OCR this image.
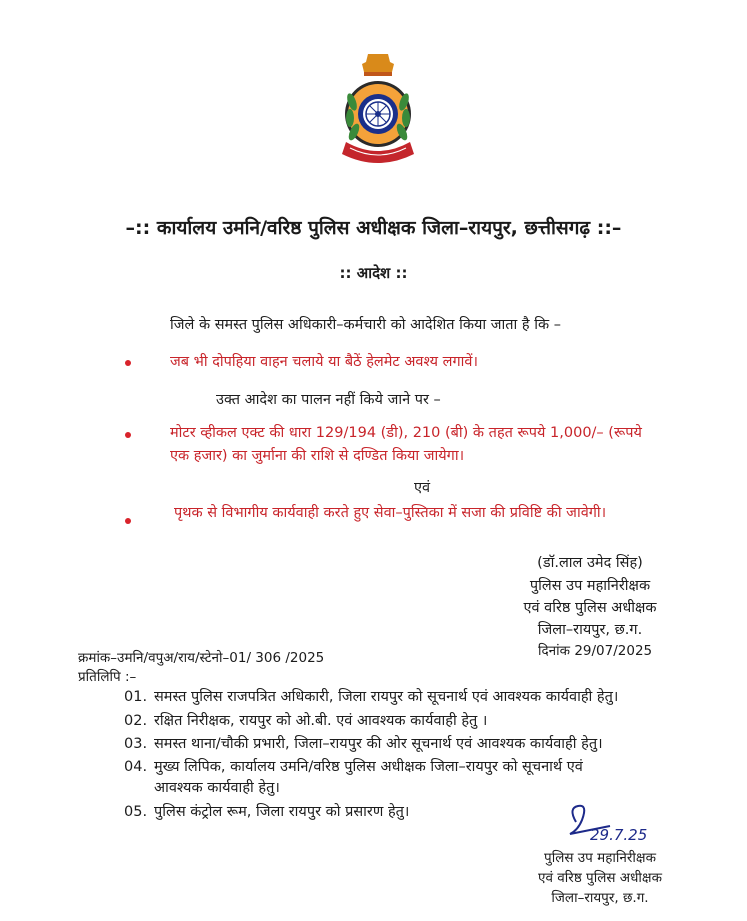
–:: कार्यालय उमनि/वरिष्ठ पुलिस अधीक्षक जिला–रायपुर, छत्तीसगढ़ ::–
:: आदेश ::
जिले के समस्त पुलिस अधिकारी–कर्मचारी को आदेशित किया जाता है कि –
जब भी दोपहिया वाहन चलाये या बैठें हेलमेट अवश्य लगावें।
उक्त आदेश का पालन नहीं किये जाने पर –
मोटर व्हीकल एक्ट की धारा 129/194 (डी), 210 (बी) के तहत रूपये 1,000/– (रूपये
एक हजार) का जुर्माना की राशि से दण्डित किया जायेगा।
एवं
पृथक से विभागीय कार्यवाही करते हुए सेवा–पुस्तिका में सजा की प्रविष्टि की जावेगी।
(डॉ.लाल उमेद सिंह)
पुलिस उप महानिरीक्षक
एवं वरिष्ठ पुलिस अधीक्षक
जिला–रायपुर, छ.ग.
क्रमांक–उमनि/वपुअ/राय/स्टेनो–01/ 306 /2025	दिनांक 29/07/2025
प्रतिलिपि :–
01. समस्त पुलिस राजपत्रित अधिकारी, जिला रायपुर को सूचनार्थ एवं आवश्यक कार्यवाही हेतु।
02. रक्षित निरीक्षक, रायपुर को ओ.बी. एवं आवश्यक कार्यवाही हेतु ।
03. समस्त थाना/चौकी प्रभारी, जिला–रायपुर की ओर सूचनार्थ एवं आवश्यक कार्यवाही हेतु।
04. मुख्य लिपिक, कार्यालय उमनि/वरिष्ठ पुलिस अधीक्षक जिला–रायपुर को सूचनार्थ एवं
आवश्यक कार्यवाही हेतु।
05. पुलिस कंट्रोल रूम, जिला रायपुर को प्रसारण हेतु।
29.7.25
पुलिस उप महानिरीक्षक
एवं वरिष्ठ पुलिस अधीक्षक
जिला–रायपुर, छ.ग.
